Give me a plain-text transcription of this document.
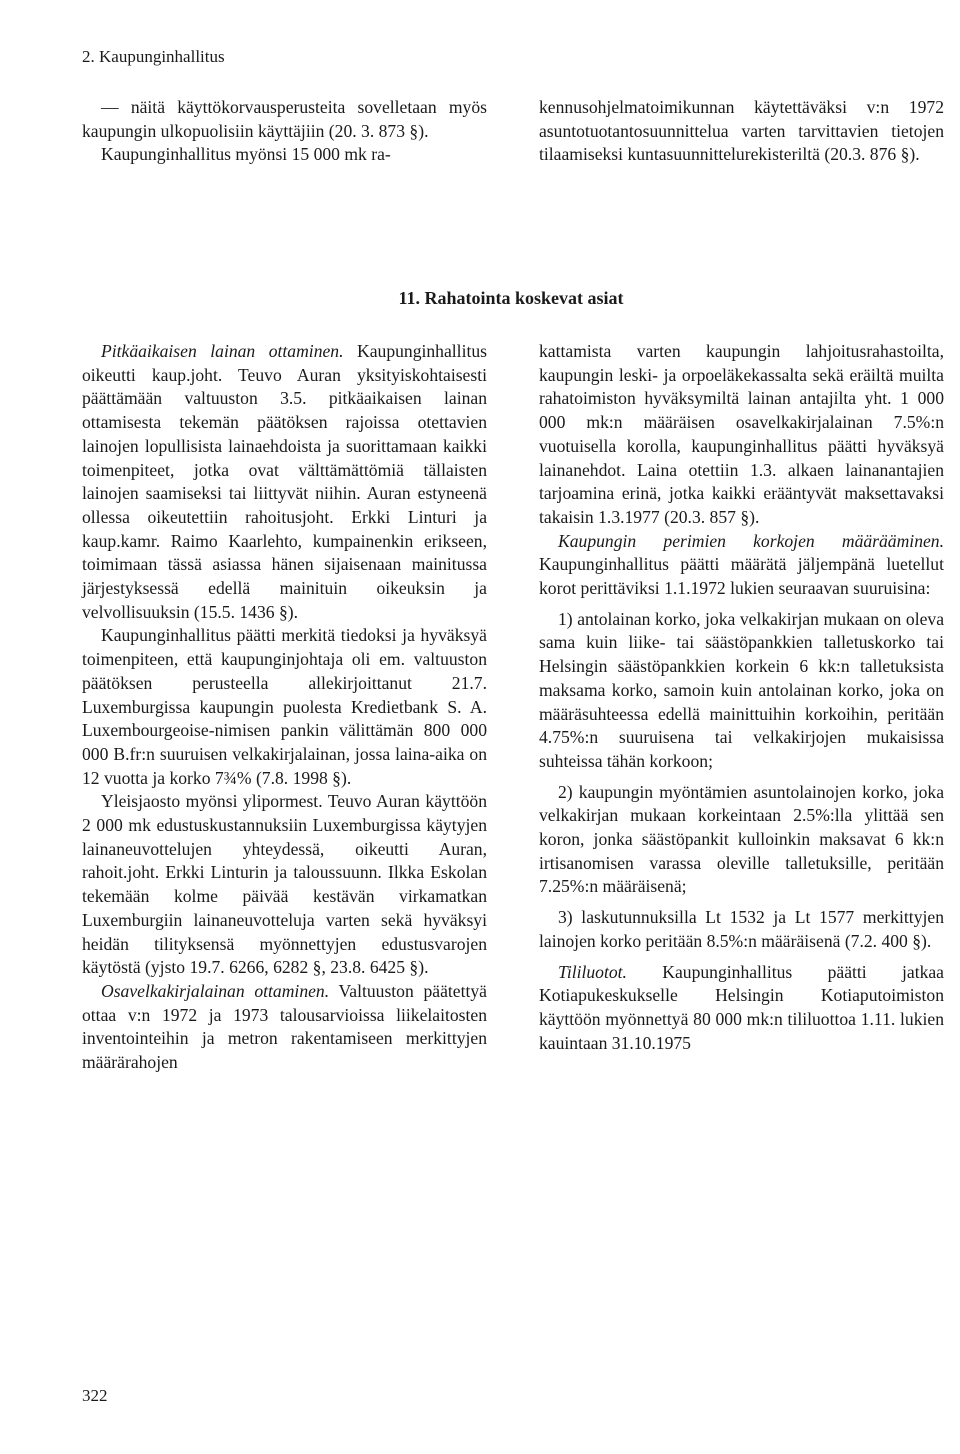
2. Kaupunginhallitus

— näitä käyttökorvausperusteita sovelletaan myös kaupungin ulkopuolisiin käyttäjiin (20. 3. 873 §).

Kaupunginhallitus myönsi 15 000 mk ra-

kennusohjelmatoimikunnan käytettäväksi v:n 1972 asuntotuotantosuunnittelua varten tarvittavien tietojen tilaamiseksi kuntasuunnittelurekisteriltä (20.3. 876 §).

11. Rahatointa koskevat asiat

Pitkäaikaisen lainan ottaminen. Kaupunginhallitus oikeutti kaup.joht. Teuvo Auran yksityiskohtaisesti päättämään valtuuston 3.5. pitkäaikaisen lainan ottamisesta tekemän päätöksen rajoissa otettavien lainojen lopullisista lainaehdoista ja suorittamaan kaikki toimenpiteet, jotka ovat välttämättömiä tällaisten lainojen saamiseksi tai liittyvät niihin. Auran estyneenä ollessa oikeutettiin rahoitusjoht. Erkki Linturi ja kaup.kamr. Raimo Kaarlehto, kumpainenkin erikseen, toimimaan tässä asiassa hänen sijaisenaan mainitussa järjestyksessä edellä mainituin oikeuksin ja velvollisuuksin (15.5. 1436 §).

Kaupunginhallitus päätti merkitä tiedoksi ja hyväksyä toimenpiteen, että kaupunginjohtaja oli em. valtuuston päätöksen perusteella allekirjoittanut 21.7. Luxemburgissa kaupungin puolesta Kredietbank S. A. Luxembourgeoise-nimisen pankin välittämän 800 000 000 B.fr:n suuruisen velkakirjalainan, jossa laina-aika on 12 vuotta ja korko 7¾% (7.8. 1998 §).

Yleisjaosto myönsi ylipormest. Teuvo Auran käyttöön 2 000 mk edustuskustannuksiin Luxemburgissa käytyjen lainaneuvottelujen yhteydessä, oikeutti Auran, rahoit.joht. Erkki Linturin ja taloussuunn. Ilkka Eskolan tekemään kolme päivää kestävän virkamatkan Luxemburgiin lainaneuvotteluja varten sekä hyväksyi heidän tilityksensä myönnettyjen edustusvarojen käytöstä (yjsto 19.7. 6266, 6282 §, 23.8. 6425 §).

Osavelkakirjalainan ottaminen. Valtuuston päätettyä ottaa v:n 1972 ja 1973 talousarvioissa liikelaitosten inventointeihin ja metron rakentamiseen merkittyjen määrärahojen

kattamista varten kaupungin lahjoitusrahastoilta, kaupungin leski- ja orpoeläkekassalta sekä eräiltä muilta rahatoimiston hyväksymiltä lainan antajilta yht. 1 000 000 mk:n määräisen osavelkakirjalainan 7.5%:n vuotuisella korolla, kaupunginhallitus päätti hyväksyä lainanehdot. Laina otettiin 1.3. alkaen lainanantajien tarjoamina erinä, jotka kaikki erääntyvät maksettavaksi takaisin 1.3.1977 (20.3. 857 §).

Kaupungin perimien korkojen määrääminen. Kaupunginhallitus päätti määrätä jäljempänä luetellut korot perittäviksi 1.1.1972 lukien seuraavan suuruisina:

1) antolainan korko, joka velkakirjan mukaan on oleva sama kuin liike- tai säästöpankkien talletuskorko tai Helsingin säästöpankkien korkein 6 kk:n talletuksista maksama korko, samoin kuin antolainan korko, joka on määräsuhteessa edellä mainittuihin korkoihin, peritään 4.75%:n suuruisena tai velkakirjojen mukaisissa suhteissa tähän korkoon;

2) kaupungin myöntämien asuntolainojen korko, joka velkakirjan mukaan korkeintaan 2.5%:lla ylittää sen koron, jonka säästöpankit kulloinkin maksavat 6 kk:n irtisanomisen varassa oleville talletuksille, peritään 7.25%:n määräisenä;

3) laskutunnuksilla Lt 1532 ja Lt 1577 merkittyjen lainojen korko peritään 8.5%:n määräisenä (7.2. 400 §).

Tililuotot. Kaupunginhallitus päätti jatkaa Kotiapukeskukselle Helsingin Kotiaputoimiston käyttöön myönnettyä 80 000 mk:n tililuottoa 1.11. lukien kauintaan 31.10.1975

322
